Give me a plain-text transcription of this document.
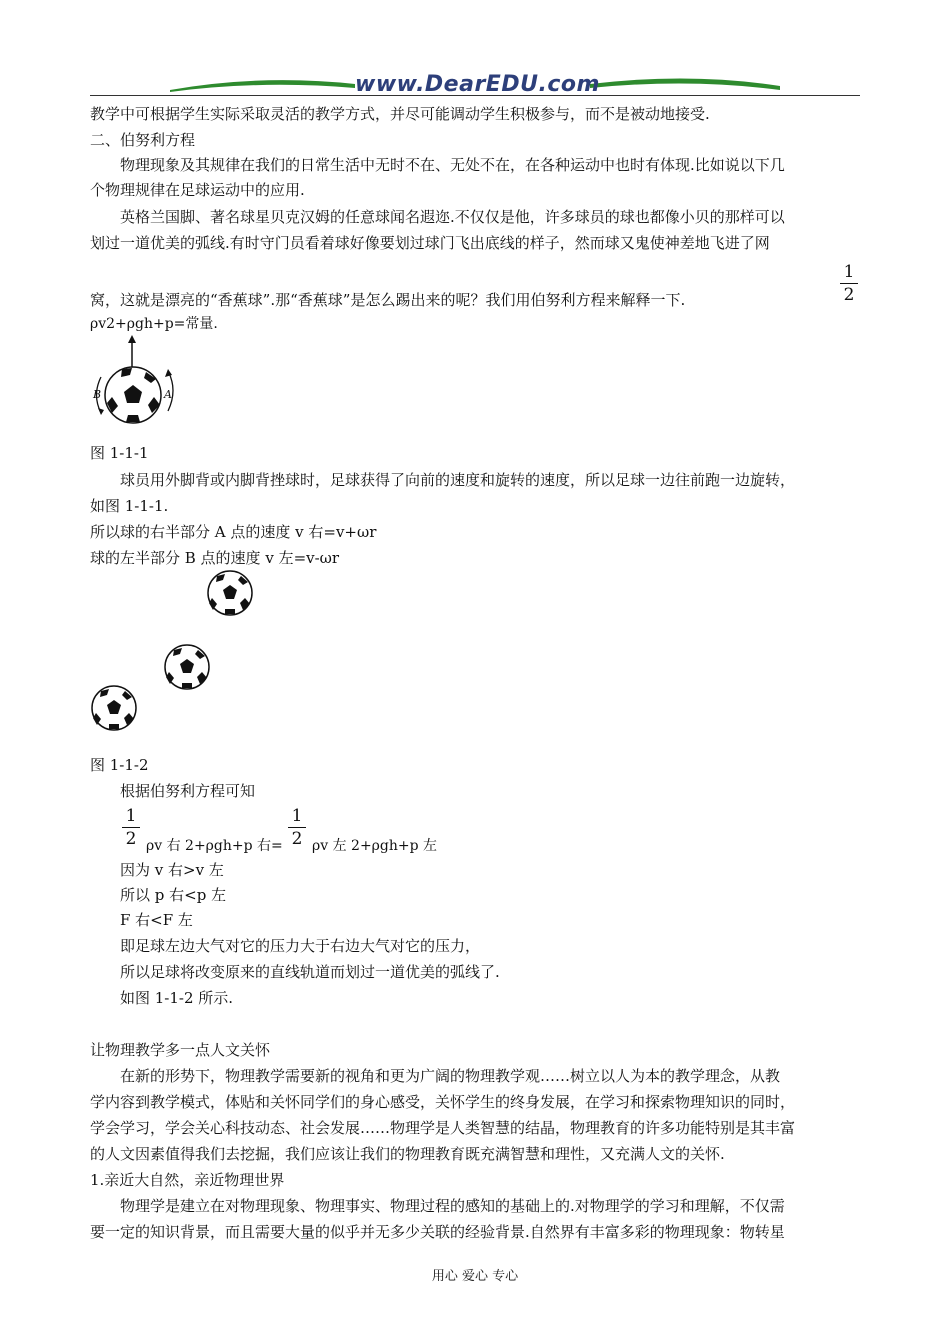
www.DearEDU.com
教学中可根据学生实际采取灵活的教学方式，并尽可能调动学生积极参与，而不是被动地接受.
二、伯努利方程
物理现象及其规律在我们的日常生活中无时不在、无处不在，在各种运动中也时有体现.比如说以下几
个物理规律在足球运动中的应用.
英格兰国脚、著名球星贝克汉姆的任意球闻名遐迩.不仅仅是他，许多球员的球也都像小贝的那样可以
划过一道优美的弧线.有时守门员看着球好像要划过球门飞出底线的样子，然而球又鬼使神差地飞进了网
窝，这就是漂亮的“香蕉球”.那“香蕉球”是怎么踢出来的呢？我们用伯努利方程来解释一下.
1
2
ρv2+ρgh+p=常量.
B	A
图 1-1-1
球员用外脚背或内脚背挫球时，足球获得了向前的速度和旋转的速度，所以足球一边往前跑一边旋转，
如图 1-1-1.
所以球的右半部分 A 点的速度 v 右=v+ωr
球的左半部分 B 点的速度 v 左=v-ωr
图 1-1-2
根据伯努利方程可知
1
2 ρv 右 2+ρgh+p 右=
1
2 ρv 左 2+ρgh+p 左
因为 v 右>v 左
所以 p 右<p 左
F 右<F 左
即足球左边大气对它的压力大于右边大气对它的压力，
所以足球将改变原来的直线轨道而划过一道优美的弧线了.
如图 1-1-2 所示.
让物理教学多一点人文关怀
在新的形势下，物理教学需要新的视角和更为广阔的物理教学观……树立以人为本的教学理念，从教
学内容到教学模式，体贴和关怀同学们的身心感受，关怀学生的终身发展，在学习和探索物理知识的同时，
学会学习，学会关心科技动态、社会发展……物理学是人类智慧的结晶，物理教育的许多功能特别是其丰富
的人文因素值得我们去挖掘，我们应该让我们的物理教育既充满智慧和理性，又充满人文的关怀.
1.亲近大自然，亲近物理世界
物理学是建立在对物理现象、物理事实、物理过程的感知的基础上的.对物理学的学习和理解，不仅需
要一定的知识背景，而且需要大量的似乎并无多少关联的经验背景.自然界有丰富多彩的物理现象：物转星
用心 爱心 专心
